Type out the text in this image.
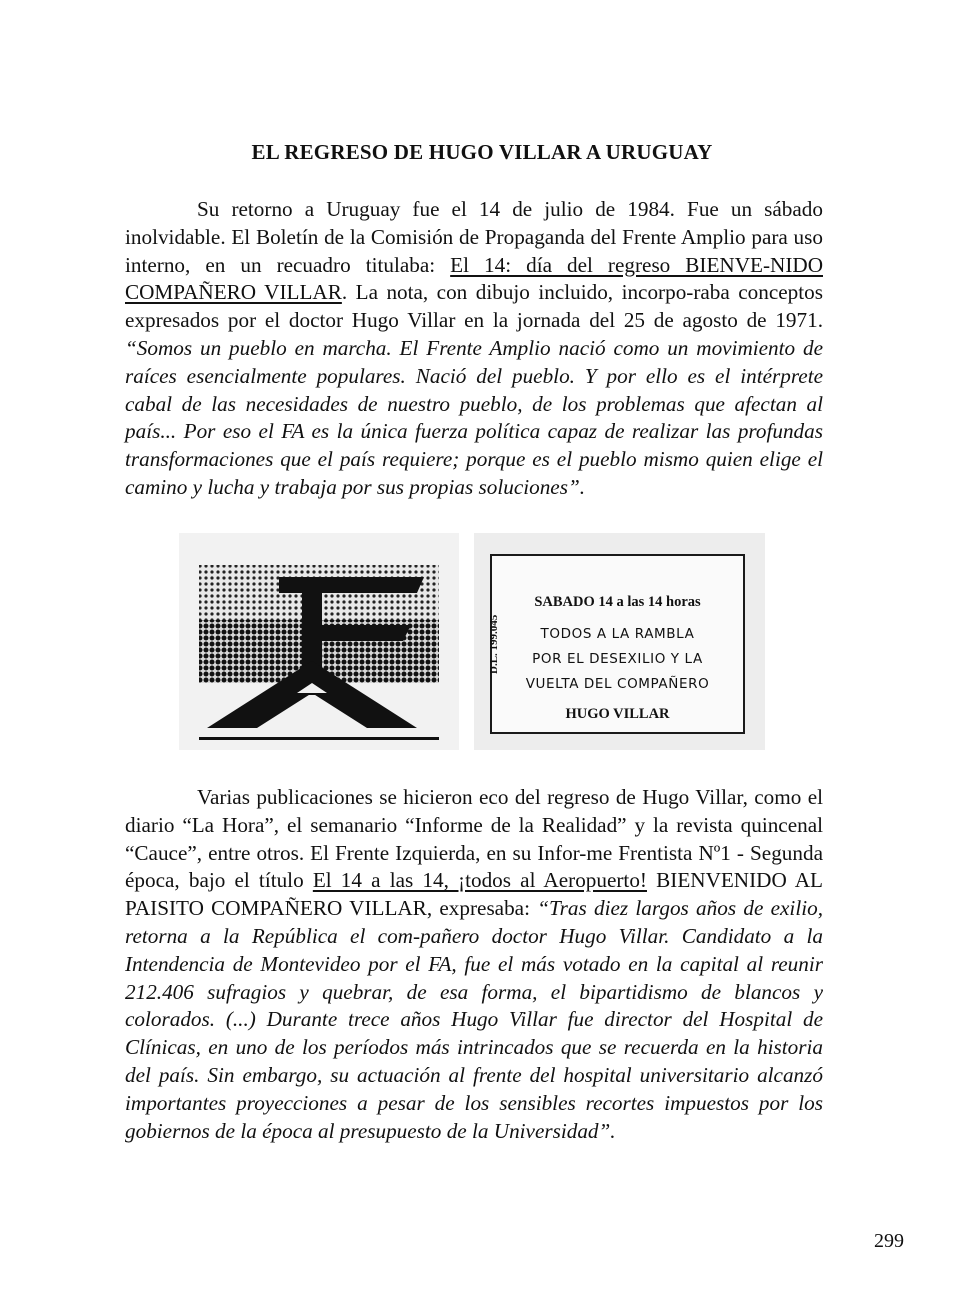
EL REGRESO DE HUGO VILLAR A URUGUAY

Su retorno a Uruguay fue el 14 de julio de 1984. Fue un sábado inolvidable. El Boletín de la Comisión de Propaganda del Frente Amplio para uso interno, en un recuadro titulaba: El 14: día del regreso BIENVE-NIDO COMPAÑERO VILLAR. La nota, con dibujo incluido, incorpo-raba conceptos expresados por el doctor Hugo Villar en la jornada del 25 de agosto de 1971. “Somos un pueblo en marcha. El Frente Amplio nació como un movimiento de raíces esencialmente populares. Nació del pueblo. Y por ello es el intérprete cabal de las necesidades de nuestro pueblo, de los problemas que afectan al país... Por eso el FA es la única fuerza política capaz de realizar las profundas transformaciones que el país requiere; porque es el pueblo mismo quien elige el camino y lucha y trabaja por sus propias soluciones”.

D.L. 199.045
SABADO 14 a las 14 horas
TODOS A LA RAMBLA
POR EL DESEXILIO Y LA
VUELTA DEL COMPAÑERO
HUGO VILLAR

Varias publicaciones se hicieron eco del regreso de Hugo Villar, como el diario “La Hora”, el semanario “Informe de la Realidad” y la revista quincenal “Cauce”, entre otros. El Frente Izquierda, en su Infor-me Frentista Nº1 - Segunda época, bajo el título El 14 a las 14, ¡todos al Aeropuerto! BIENVENIDO AL PAISITO COMPAÑERO VILLAR, expresaba: “Tras diez largos años de exilio, retorna a la República el com-pañero doctor Hugo Villar. Candidato a la Intendencia de Montevideo por el FA, fue el más votado en la capital al reunir 212.406 sufragios y quebrar, de esa forma, el bipartidismo de blancos y colorados. (...) Durante trece años Hugo Villar fue director del Hospital de Clínicas, en uno de los períodos más intrincados que se recuerda en la historia del país. Sin embargo, su actuación al frente del hospital universitario alcanzó importantes proyecciones a pesar de los sensibles recortes impuestos por los gobiernos de la época al presupuesto de la Universidad”.

299
